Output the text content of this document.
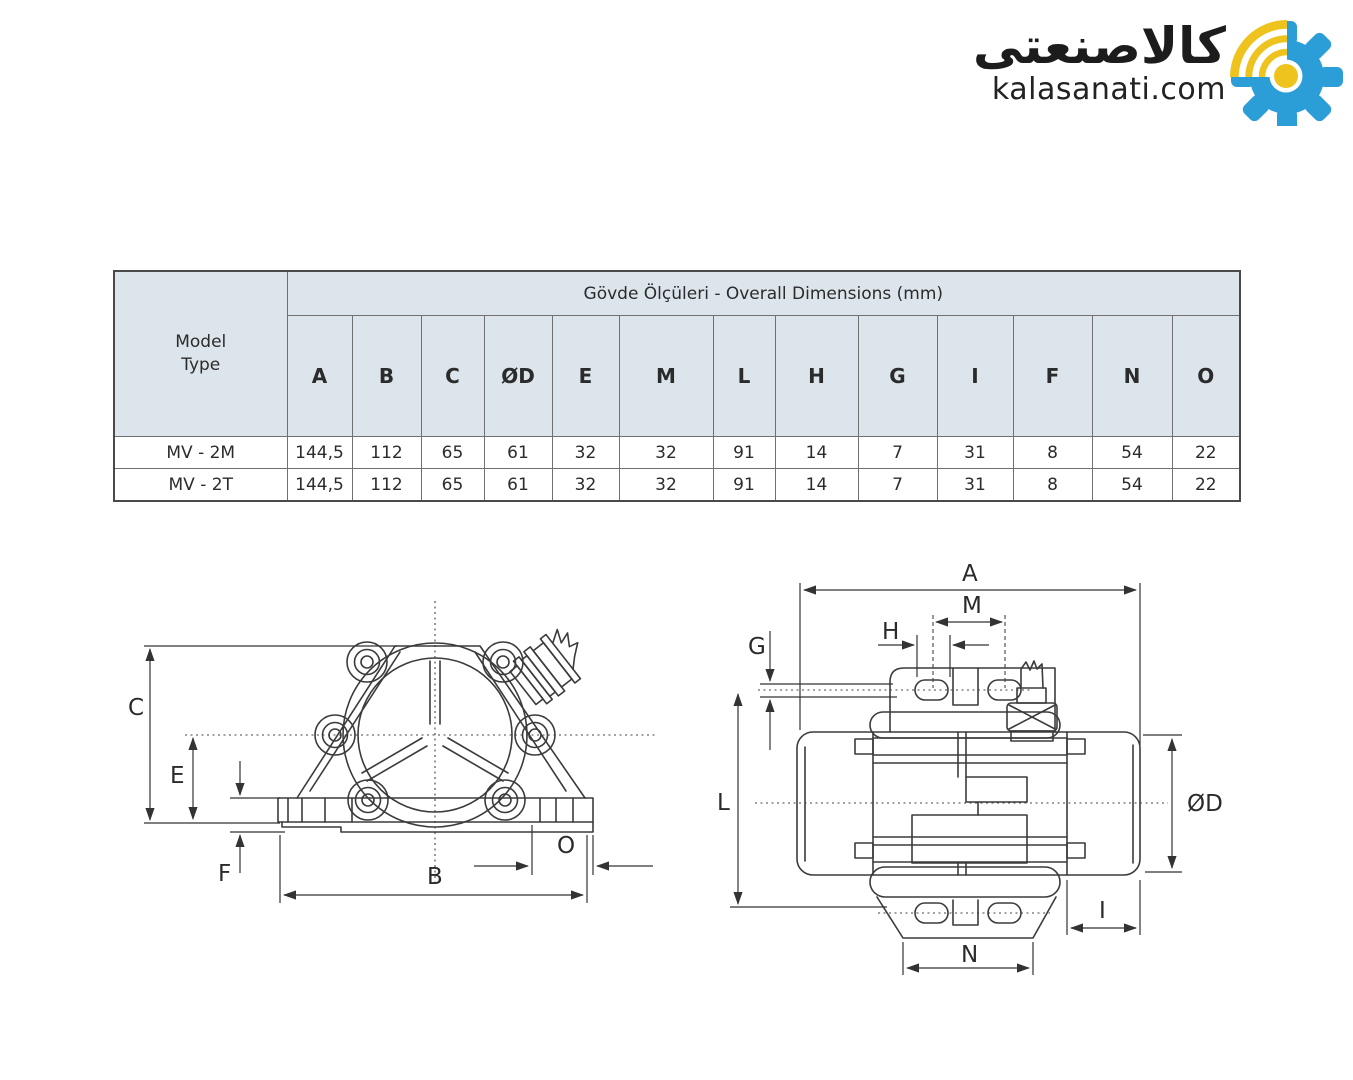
کالاصنعتی
kalasanati.com
Model
Type	Gövde Ölçüleri - Overall Dimensions (mm)												
	A	B	C	ØD	E	M	L	H	G	I	F	N	O
MV - 2M	144,5	112	65	61	32	32	91	14	7	31	8	54	22
MV - 2T	144,5	112	65	61	32	32	91	14	7	31	8	54	22
C
E
F	B
O
A
M
H
G
L	ØD
I
N
